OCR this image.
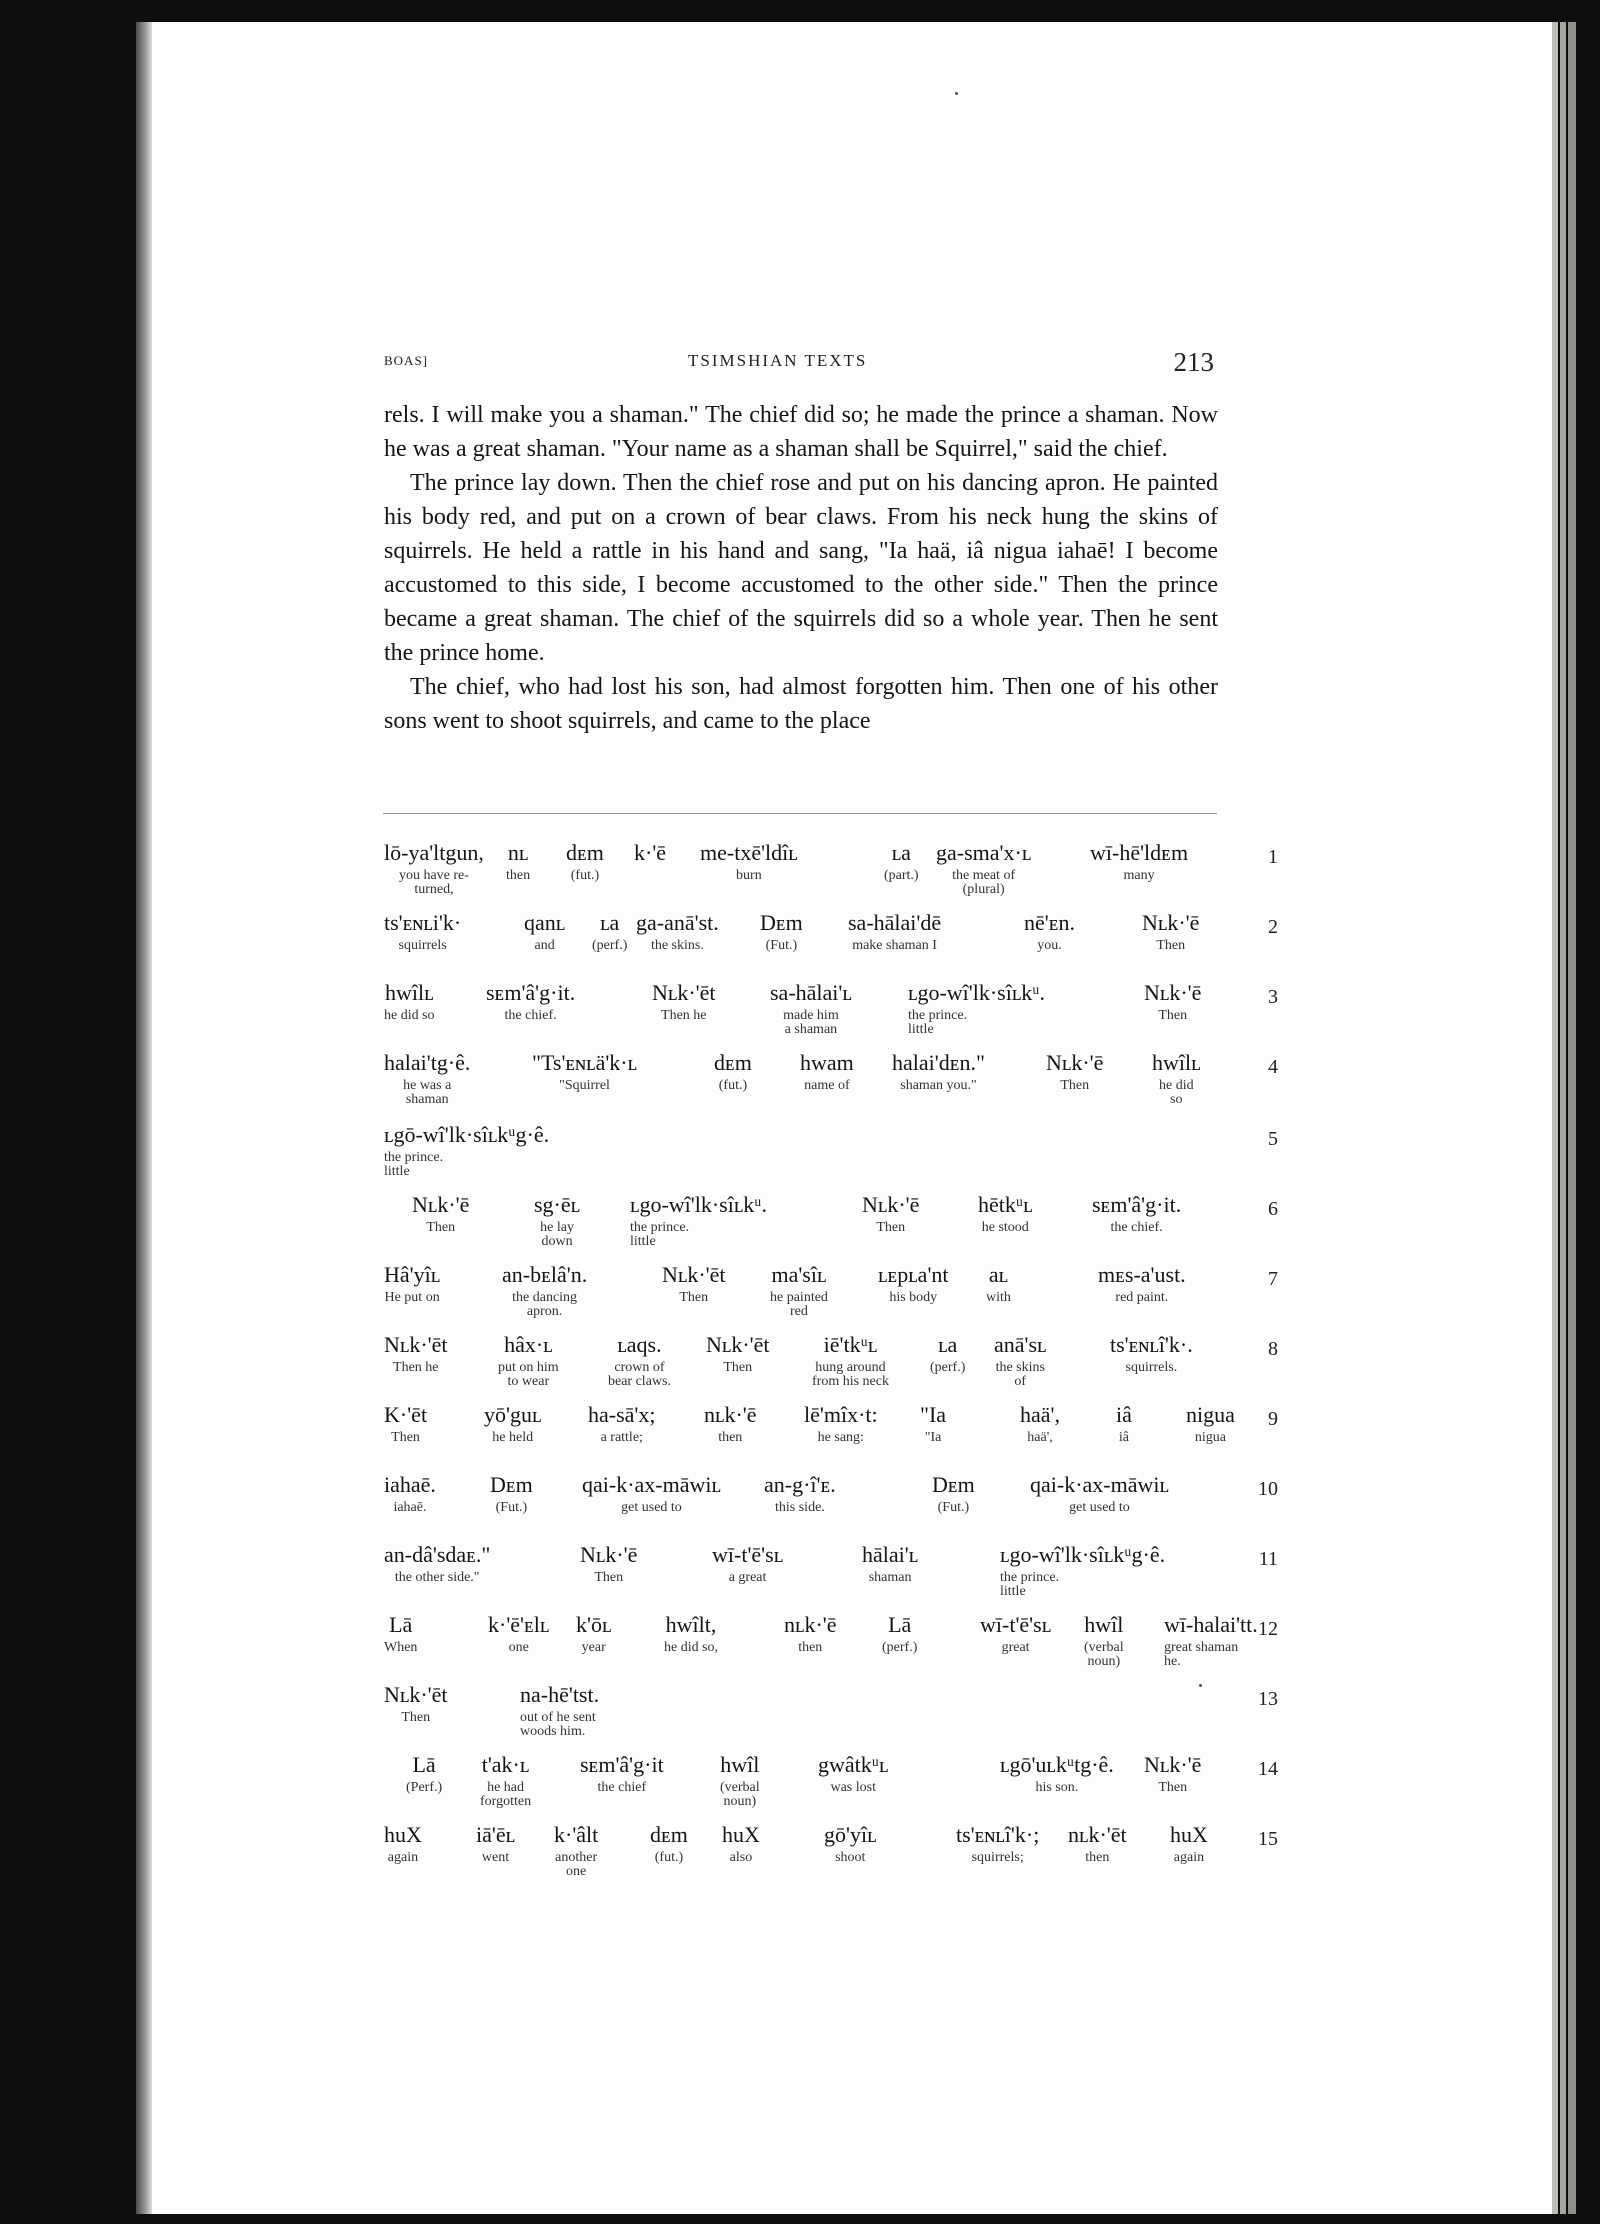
BOAS]	TSIMSHIAN TEXTS	213

rels. I will make you a shaman." The chief did so; he made the prince a shaman. Now he was a great shaman. "Your name as a shaman shall be Squirrel," said the chief.

The prince lay down. Then the chief rose and put on his dancing apron. He painted his body red, and put on a crown of bear claws. From his neck hung the skins of squirrels. He held a rattle in his hand and sang, "Ia haä, iâ nigua iahaē! I become accustomed to this side, I become accustomed to the other side." Then the prince became a great shaman. The chief of the squirrels did so a whole year. Then he sent the prince home.

The chief, who had lost his son, had almost forgotten him. Then one of his other sons went to shoot squirrels, and came to the place

lō-ya'ltgun,
you have re-
turned,
nʟ
then
dᴇm
(fut.)
k·'ē me-txē'ldîʟ
burn
ʟa
(part.)
ga-sma'x·ʟ
the meat of
(plural)
wī-hē'ldᴇm
many
1
ts'ᴇɴʟi'k·
squirrels
qanʟ
and
ʟa
(perf.)
ga-anā'st.
the skins.
Dᴇm
(Fut.)
sa-hālai'dē
make shaman I
nē'ᴇn.
you.
Nʟk·'ē
Then
2
hwîlʟ
he did so
sᴇm'â'g·it.
the chief.
Nʟk·'ēt
Then he
sa-hālai'ʟ
made him
a shaman
ʟgo-wî'lk·sîʟkᵘ.
the prince.
little
Nʟk·'ē
Then
3
halai'tg·ê.
he was a
shaman
"Ts'ᴇɴʟä'k·ʟ
"Squirrel
dᴇm
(fut.)
hwam
name of
halai'dᴇn."
shaman you."
Nʟk·'ē
Then
hwîlʟ
he did
so
4
ʟgō-wî'lk·sîʟkᵘg·ê.
the prince.
little
5
Nʟk·'ē
Then
sg·ēʟ
he lay
down
ʟgo-wî'lk·sîʟkᵘ.
the prince.
little
Nʟk·'ē
Then
hētkᵘʟ
he stood
sᴇm'â'g·it.
the chief.
6
Hâ'yîʟ
He put on
an-bᴇlâ'n.
the dancing
apron.
Nʟk·'ēt
Then
ma'sîʟ
he painted
red
ʟᴇpʟa'nt
his body
aʟ
with
mᴇs-a'ust.
red paint.
7
Nʟk·'ēt
Then he
hâx·ʟ
put on him
to wear
ʟaqs.
crown of
bear claws.
Nʟk·'ēt
Then
iē'tkᵘʟ
hung around
from his neck
ʟa
(perf.)
anā'sʟ
the skins
of
ts'ᴇɴʟî'k·.
squirrels.
8
K·'ēt
Then
yō'guʟ
he held
ha-sā'x;
a rattle;
nʟk·'ē
then
lē'mîx·t:
he sang:
"Ia
"Ia
haä',
haä',
iâ
iâ
nigua
nigua
9
iahaē.
iahaē.
Dᴇm
(Fut.)
qai-k·ax-māwiʟ
get used to
an-g·î'ᴇ.
this side.
Dᴇm
(Fut.)
qai-k·ax-māwiʟ
get used to
10
an-dâ'sdaᴇ."
the other side."
Nʟk·'ē
Then
wī-t'ē'sʟ
a great
hālai'ʟ
shaman
ʟgo-wî'lk·sîʟkᵘg·ê.
the prince.
little
11
Lā
When
k·'ē'ᴇlʟ
one
k'ōʟ
year
hwîlt,
he did so,
nʟk·'ē
then
Lā
(perf.)
wī-t'ē'sʟ
great
hwîl
(verbal
noun)
wī-halai'tt.
great shaman
he.
12
Nʟk·'ēt
Then
na-hē'tst.
out of he sent
woods him.
13
Lā
(Perf.)
t'ak·ʟ
he had
forgotten
sᴇm'â'g·it
the chief
hwîl
(verbal
noun)
gwâtkᵘʟ
was lost
ʟgō'uʟkᵘtg·ê.
his son.
Nʟk·'ē
Then
14
huX
again
iā'ēʟ
went
k·'âlt
another
one
dᴇm
(fut.)
huX
also
gō'yîʟ
shoot
ts'ᴇɴʟî'k·;
squirrels;
nʟk·'ēt
then
huX
again
15
